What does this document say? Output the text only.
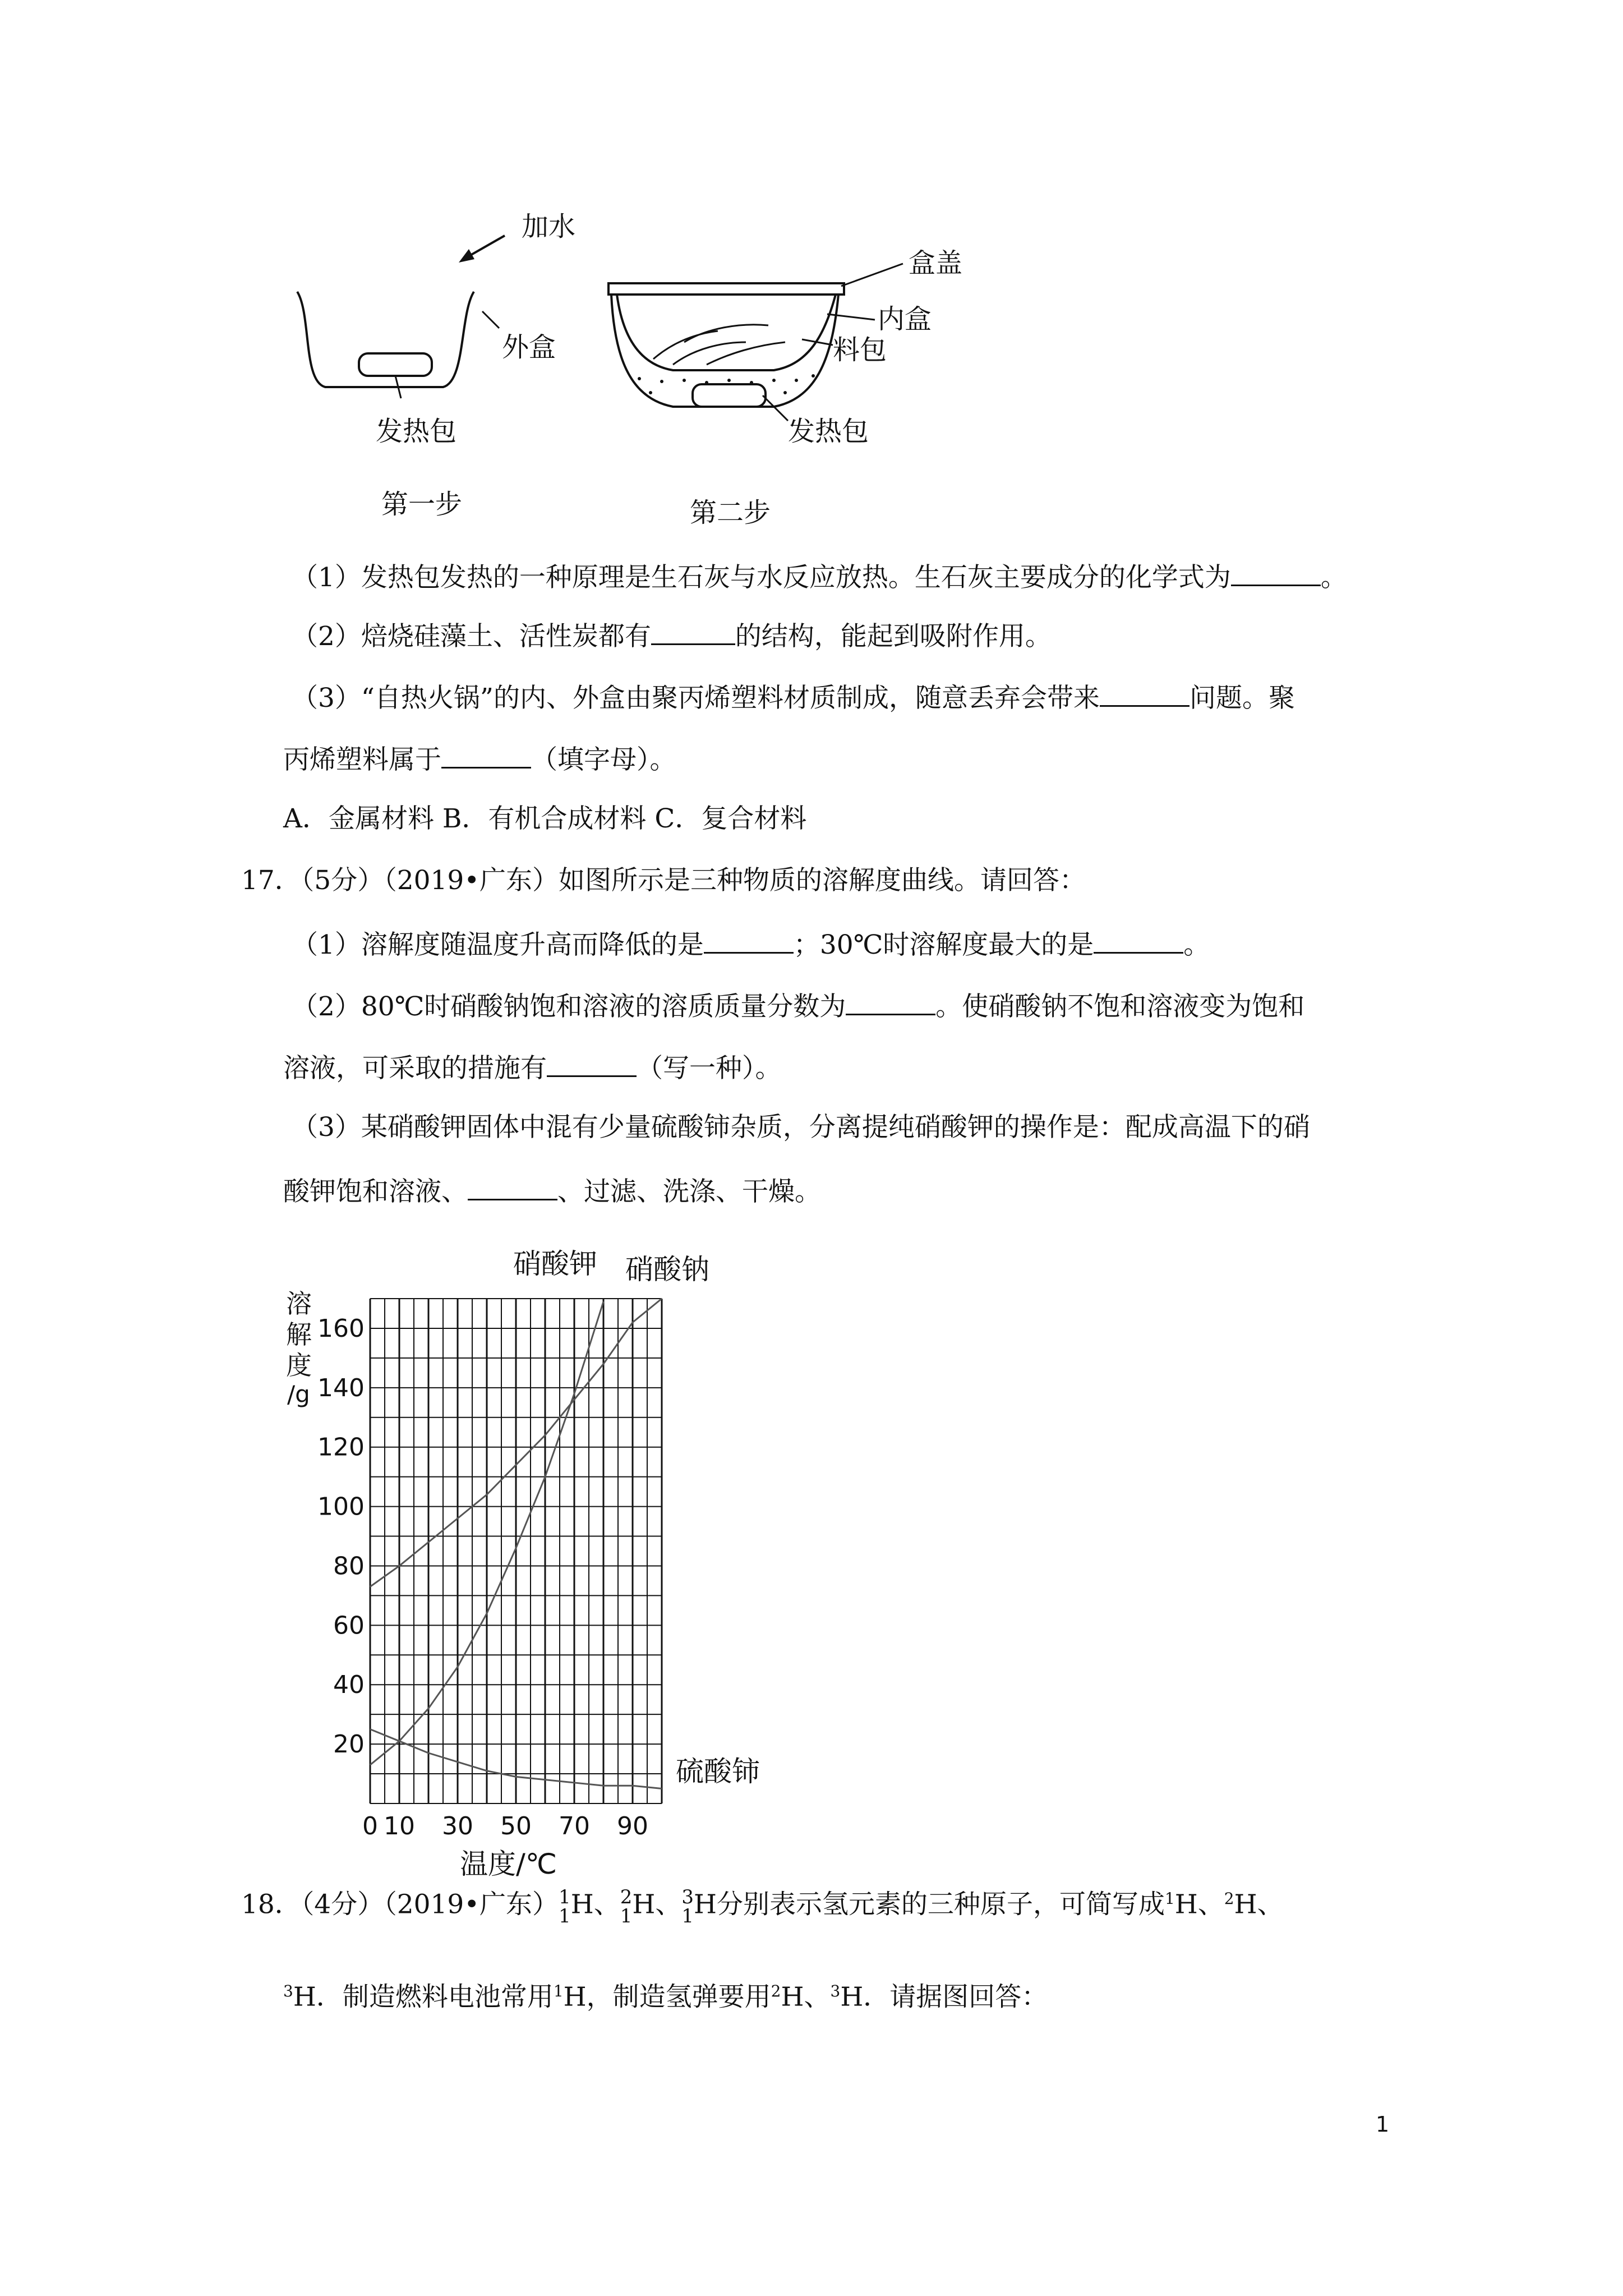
加水
外盒
发热包
第一步
盒盖
内盒
料包
发热包
第二步
（1）发热包发热的一种原理是生石灰与水反应放热。生石灰主要成分的化学式为	。
（2）焙烧硅藻土、活性炭都有	的结构，能起到吸附作用。
（3）“自热火锅”的内、外盒由聚丙烯塑料材质制成，随意丢弃会带来	问题。聚
丙烯塑料属于	（填字母）。
A．金属材料 B．有机合成材料 C．复合材料
17．（5分）（2019•广东）如图所示是三种物质的溶解度曲线。请回答：
（1）溶解度随温度升高而降低的是	；30℃时溶解度最大的是	。
（2）80℃时硝酸钠饱和溶液的溶质质量分数为	。使硝酸钠不饱和溶液变为饱和
溶液，可采取的措施有	（写一种）。
（3）某硝酸钾固体中混有少量硫酸铈杂质，分离提纯硝酸钾的操作是：配成高温下的硝
酸钾饱和溶液、	、过滤、洗涤、干燥。
0 10 30 50 70 90
20
40
60
80
100
120
140
160
溶
解
度
/g
温度/℃
硝酸钾 硝酸钠
硫酸铈
18．（4分）（2019•广东）1
1H、2
1H、3
1H分别表示氢元素的三种原子，可简写成$^1$H、$^2$H、
$^3$H．制造燃料电池常用$^1$H，制造氢弹要用$^2$H、$^3$H．请据图回答：
1
